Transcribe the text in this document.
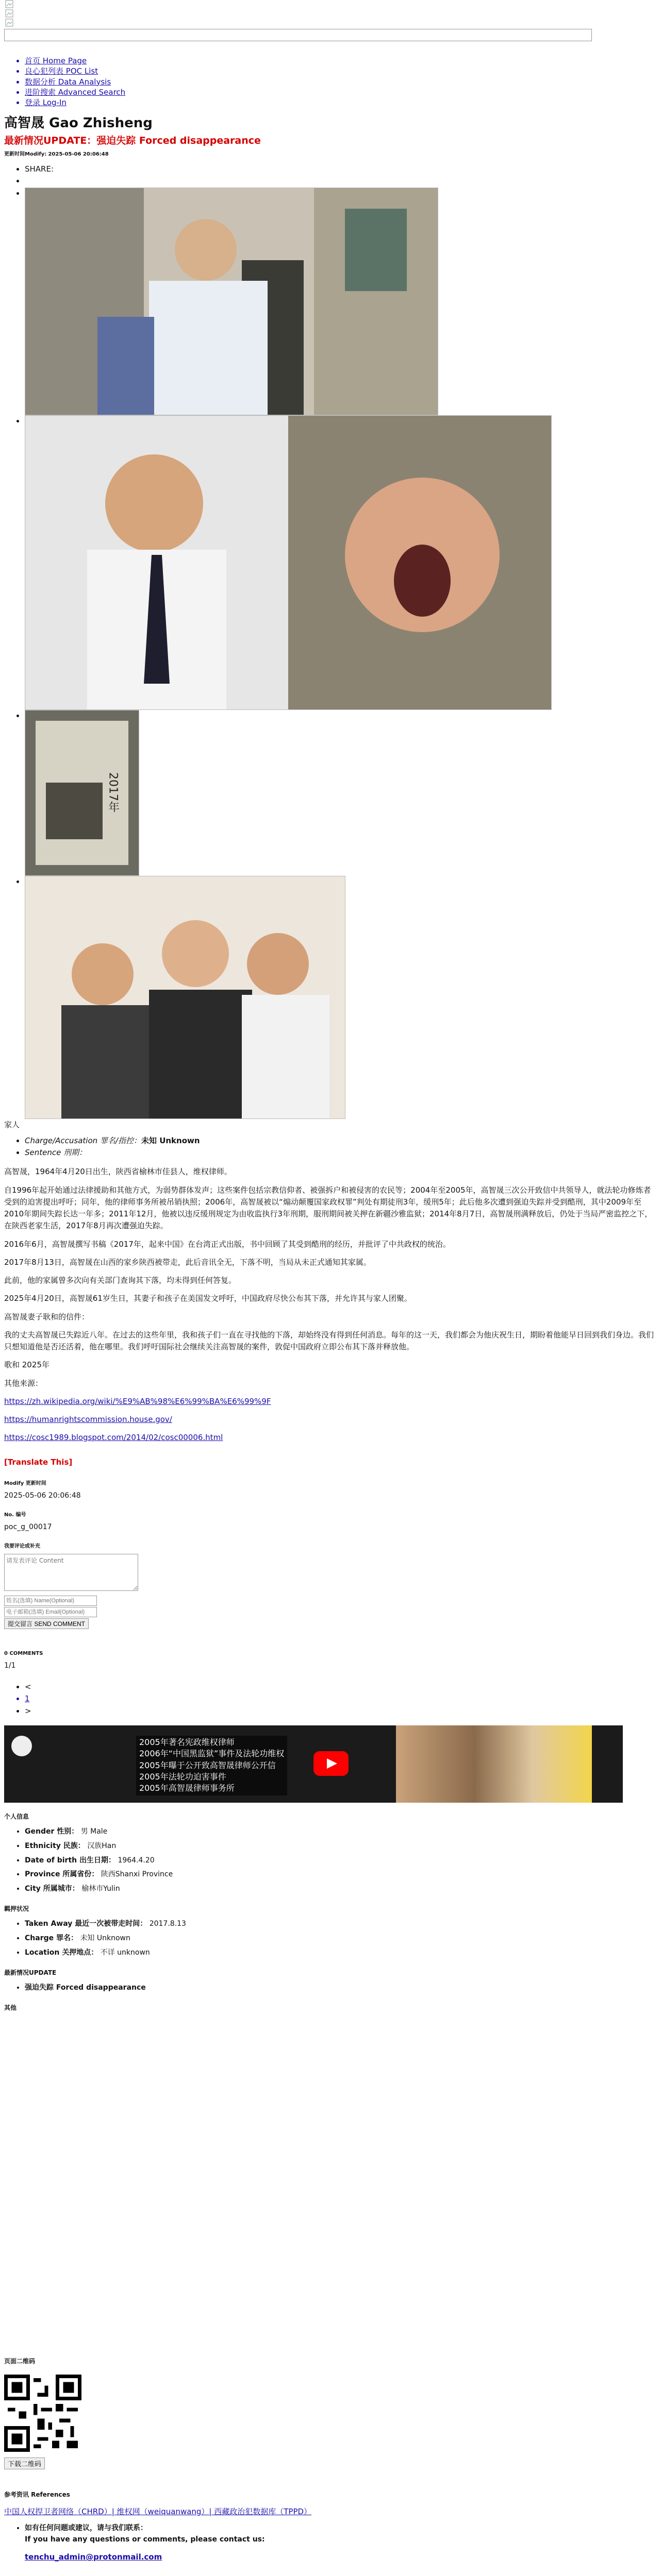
• 首页 Home Page
• 良心犯列表 POC List
• 数据分析 Data Analysis
• 进阶搜索 Advanced Search
• 登录 Log-In
高智晟 Gao Zhisheng
最新情况UPDATE：强迫失踪 Forced disappearance
更新时间Modify: 2025-05-06 20:06:48
• SHARE:
•
•
•
• 2017年
•
家人
• Charge/Accusation 罪名/指控：未知 Unknown
• Sentence 刑期：

高智晟，1964年4月20日出生，陕西省榆林市佳县人，维权律师。

自1996年起开始通过法律援助和其他方式，为弱势群体发声；这些案件包括宗教信仰者、被强拆户和被侵害的农民等；2004年至2005年，高智晟三次公开致信中共领导人，就法轮功修炼者受到的迫害提出呼吁；同年，他的律师事务所被吊销执照；2006年，高智晟被以“煽动颠覆国家政权罪”判处有期徒刑3年，缓刑5年；此后他多次遭到强迫失踪并受到酷刑，其中2009年至2010年期间失踪长达一年多；2011年12月，他被以违反缓刑规定为由收监执行3年刑期，服刑期间被关押在新疆沙雅监狱；2014年8月7日，高智晟刑满释放后，仍处于当局严密监控之下，在陕西老家生活，2017年8月再次遭强迫失踪。

2016年6月，高智晟撰写书稿《2017年，起来中国》在台湾正式出版，书中回顾了其受到酷刑的经历，并批评了中共政权的统治。

2017年8月13日，高智晟在山西的家乡陕西被带走，此后音讯全无，下落不明，当局从未正式通知其家属。

此前，他的家属曾多次向有关部门查询其下落，均未得到任何答复。

2025年4月20日，高智晟61岁生日，其妻子和孩子在美国发文呼吁，中国政府尽快公布其下落，并允许其与家人团聚。

高智晟妻子耿和的信件：

我的丈夫高智晟已失踪近八年。在过去的这些年里，我和孩子们一直在寻找他的下落，却始终没有得到任何消息。每年的这一天，我们都会为他庆祝生日，期盼着他能早日回到我们身边。我们只想知道他是否还活着，他在哪里。我们呼吁国际社会继续关注高智晟的案件，敦促中国政府立即公布其下落并释放他。

歌和 2025年

其他来源：

https://zh.wikipedia.org/wiki/%E9%AB%98%E6%99%BA%E6%99%9F

https://humanrightscommission.house.gov/

https://cosc1989.blogspot.com/2014/02/cosc00006.html

[Translate This]
Modify 更新时间
2025-05-06 20:06:48
No. 编号
poc_g_00017
我要评论或补充
请发表评论 Content
姓名(选填) Name(Optional)
电子邮箱(选填) Email(Optional)
提交留言 SEND COMMENT
0 COMMENTS
1/1
• <
• 1
• >
2005年著名宪政维权律师
2006年“中国黑监狱”事件及法轮功维权
2005年曝于公开致高智晟律师公开信
2005年法轮功迫害事件
2005年高智晟律师事务所
个人信息
• Gender 性别： 男 Male
• Ethnicity 民族： 汉族Han
• Date of birth 出生日期： 1964.4.20
• Province 所属省份： 陕西Shanxi Province
• City 所属城市： 榆林市Yulin
羁押状况
• Taken Away 最近一次被带走时间： 2017.8.13
• Charge 罪名： 未知 Unknown
• Location 关押地点： 不详 unknown
最新情况UPDATE
• 强迫失踪 Forced disappearance
其他
页面二维码
下载二维码
参考资讯 References
中国人权捍卫者网络（CHRD）| 维权网（weiquanwang）| 西藏政治犯数据库（TPPD）
• 如有任何问题或建议，请与我们联系：
If you have any questions or comments, please contact us:
tenchu_admin@protonmail.com
